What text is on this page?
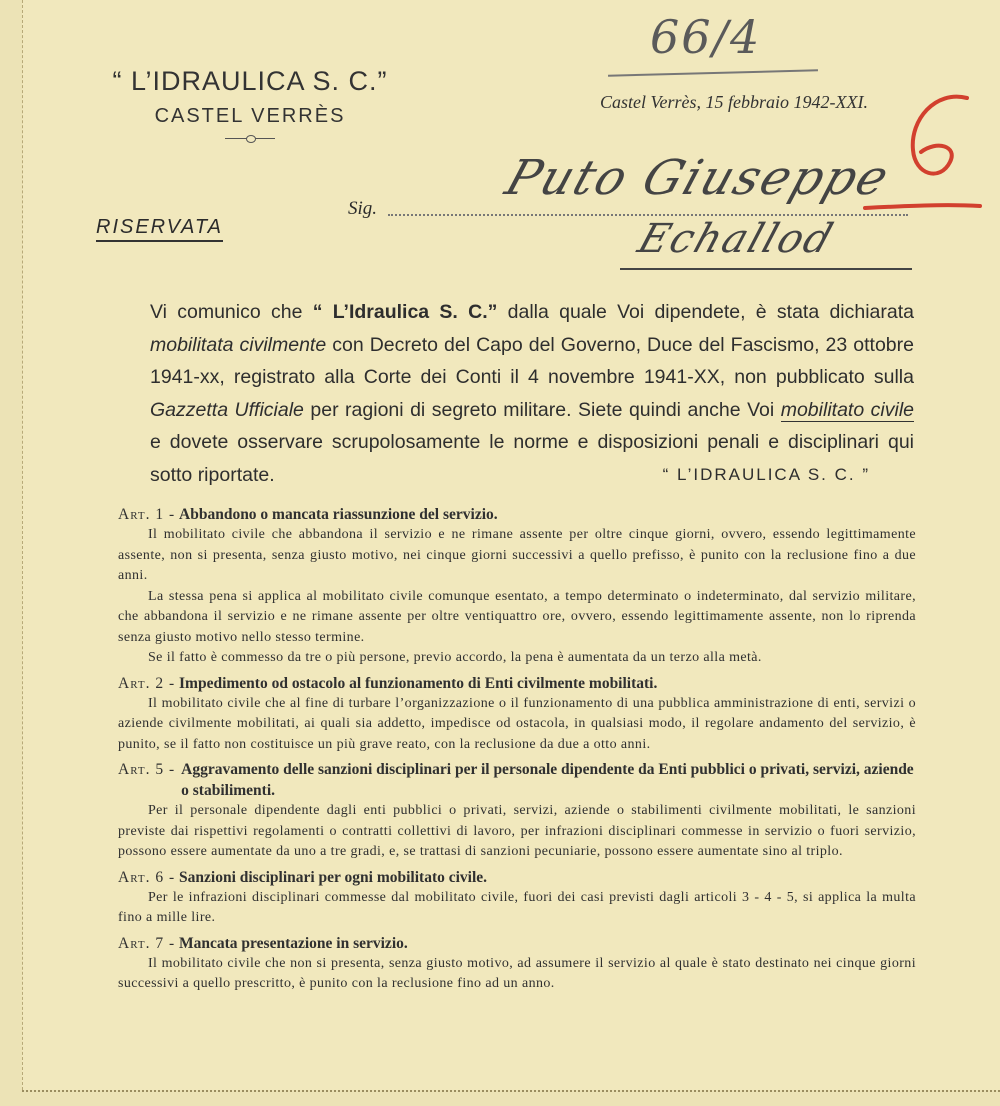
“ L’IDRAULICA S. C.”
CASTEL VERRÈS
66/4
Castel Verrès, 15 febbraio 1942-XXI.
6
RISERVATA
Sig.
Puto Giuseppe
Echallod
Vi comunico che “ L’Idraulica S. C.” dalla quale Voi dipendete, è stata dichiarata mobilitata civilmente con Decreto del Capo del Governo, Duce del Fascismo, 23 ottobre 1941-xx, registrato alla Corte dei Conti il 4 novembre 1941-XX, non pubblicato sulla Gazzetta Ufficiale per ragioni di segreto militare. Siete quindi anche Voi mobilitato civile e dovete osservare scrupolosamente le norme e disposizioni penali e disciplinari qui sotto riportate.	“ L’IDRAULICA S. C. ”
Art. 1 - Abbandono o mancata riassunzione del servizio.

Il mobilitato civile che abbandona il servizio e ne rimane assente per oltre cinque giorni, ovvero, essendo legittimamente assente, non si presenta, senza giusto motivo, nei cinque giorni successivi a quello prefisso, è punito con la reclusione fino a due anni.

La stessa pena si applica al mobilitato civile comunque esentato, a tempo determinato o indeterminato, dal servizio militare, che abbandona il servizio e ne rimane assente per oltre ventiquattro ore, ovvero, essendo legittimamente assente, non lo riprenda senza giusto motivo nello stesso termine.

Se il fatto è commesso da tre o più persone, previo accordo, la pena è aumentata da un terzo alla metà.

Art. 2 - Impedimento od ostacolo al funzionamento di Enti civilmente mobilitati.

Il mobilitato civile che al fine di turbare l’organizzazione o il funzionamento di una pubblica amministrazione di enti, servizi o aziende civilmente mobilitati, ai quali sia addetto, impedisce od ostacola, in qualsiasi modo, il regolare andamento del servizio, è punito, se il fatto non costituisce un più grave reato, con la reclusione da due a otto anni.

Art. 5 - Aggravamento delle sanzioni disciplinari per il personale dipendente da Enti pubblici o privati, servizi, aziende o stabilimenti.

Per il personale dipendente dagli enti pubblici o privati, servizi, aziende o stabilimenti civilmente mobilitati, le sanzioni previste dai rispettivi regolamenti o contratti collettivi di lavoro, per infrazioni disciplinari commesse in servizio o fuori servizio, possono essere aumentate da uno a tre gradi, e, se trattasi di sanzioni pecuniarie, possono essere aumentate sino al triplo.

Art. 6 - Sanzioni disciplinari per ogni mobilitato civile.

Per le infrazioni disciplinari commesse dal mobilitato civile, fuori dei casi previsti dagli articoli 3 - 4 - 5, si applica la multa fino a mille lire.

Art. 7 - Mancata presentazione in servizio.

Il mobilitato civile che non si presenta, senza giusto motivo, ad assumere il servizio al quale è stato destinato nei cinque giorni successivi a quello prescritto, è punito con la reclusione fino ad un anno.
